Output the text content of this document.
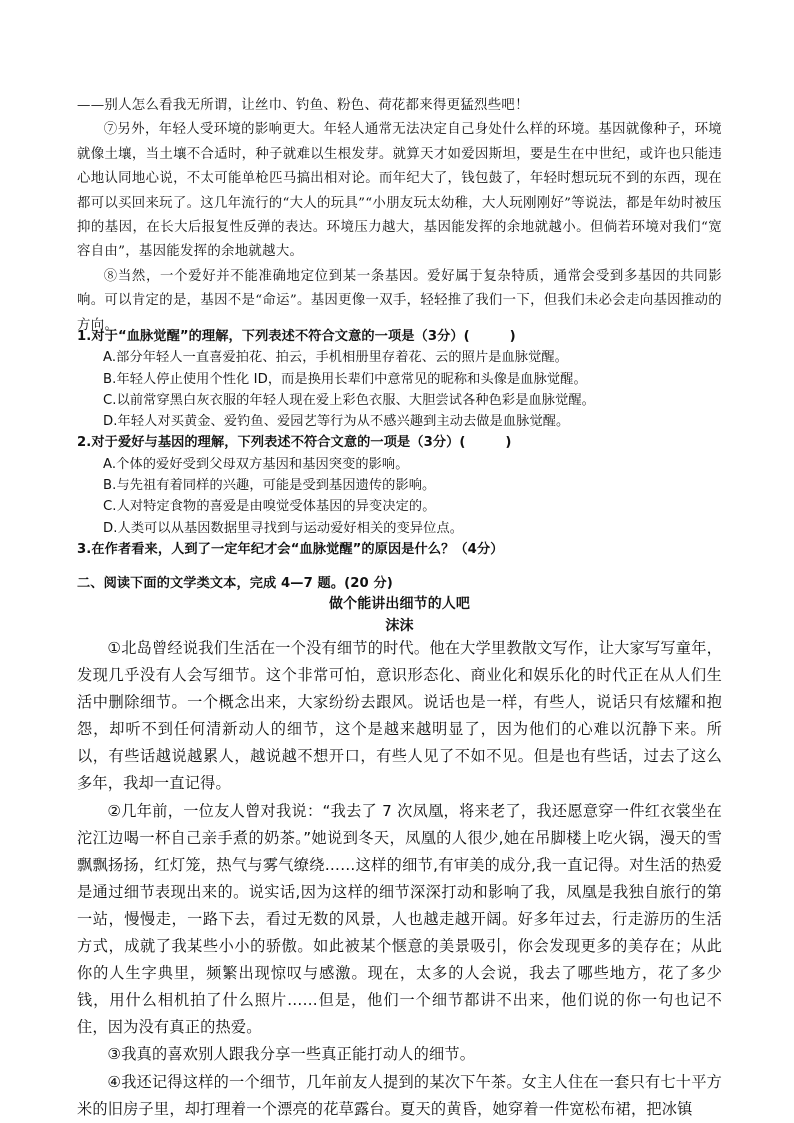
——别人怎么看我无所谓，让丝巾、钓鱼、粉色、荷花都来得更猛烈些吧！

⑦另外，年轻人受环境的影响更大。年轻人通常无法决定自己身处什么样的环境。基因就像种子，环境就像土壤，当土壤不合适时，种子就难以生根发芽。就算天才如爱因斯坦，要是生在中世纪，或许也只能违心地认同地心说，不太可能单枪匹马搞出相对论。而年纪大了，钱包鼓了，年轻时想玩玩不到的东西，现在都可以买回来玩了。这几年流行的“大人的玩具”“小朋友玩太幼稚，大人玩刚刚好”等说法，都是年幼时被压抑的基因，在长大后报复性反弹的表达。环境压力越大，基因能发挥的余地就越小。但倘若环境对我们“宽容自由”，基因能发挥的余地就越大。

⑧当然，一个爱好并不能准确地定位到某一条基因。爱好属于复杂特质，通常会受到多基因的共同影响。可以肯定的是，基因不是“命运”。基因更像一双手，轻轻推了我们一下，但我们未必会走向基因推动的方向。

1.对于“血脉觉醒”的理解，下列表述不符合文意的一项是（3分）(　　　)

A.部分年轻人一直喜爱拍花、拍云，手机相册里存着花、云的照片是血脉觉醒。

B.年轻人停止使用个性化 ID，而是换用长辈们中意常见的昵称和头像是血脉觉醒。

C.以前常穿黑白灰衣服的年轻人现在爱上彩色衣服、大胆尝试各种色彩是血脉觉醒。

D.年轻人对买黄金、爱钓鱼、爱园艺等行为从不感兴趣到主动去做是血脉觉醒。

2.对于爱好与基因的理解，下列表述不符合文意的一项是（3分）(　　　)

A.个体的爱好受到父母双方基因和基因突变的影响。

B.与先祖有着同样的兴趣，可能是受到基因遗传的影响。

C.人对特定食物的喜爱是由嗅觉受体基因的异变决定的。

D.人类可以从基因数据里寻找到与运动爱好相关的变异位点。

3.在作者看来，人到了一定年纪才会“血脉觉醒”的原因是什么？（4分）

二、阅读下面的文学类文本，完成 4—7 题。(20 分)

做个能讲出细节的人吧

沫沫

①北岛曾经说我们生活在一个没有细节的时代。他在大学里教散文写作，让大家写写童年，发现几乎没有人会写细节。这个非常可怕，意识形态化、商业化和娱乐化的时代正在从人们生活中删除细节。一个概念出来，大家纷纷去跟风。说话也是一样，有些人，说话只有炫耀和抱怨，却听不到任何清新动人的细节，这个是越来越明显了，因为他们的心难以沉静下来。所以，有些话越说越累人，越说越不想开口，有些人见了不如不见。但是也有些话，过去了这么多年，我却一直记得。

②几年前，一位友人曾对我说：“我去了 7 次凤凰，将来老了，我还愿意穿一件红衣裳坐在沱江边喝一杯自己亲手煮的奶茶。”她说到冬天，凤凰的人很少,她在吊脚楼上吃火锅，漫天的雪飘飘扬扬，红灯笼，热气与雾气缭绕……这样的细节,有审美的成分,我一直记得。对生活的热爱是通过细节表现出来的。说实话,因为这样的细节深深打动和影响了我，凤凰是我独自旅行的第一站，慢慢走，一路下去，看过无数的风景，人也越走越开阔。好多年过去，行走游历的生活方式，成就了我某些小小的骄傲。如此被某个惬意的美景吸引，你会发现更多的美存在；从此你的人生字典里，频繁出现惊叹与感激。现在，太多的人会说，我去了哪些地方，花了多少钱，用什么相机拍了什么照片……但是，他们一个细节都讲不出来，他们说的你一句也记不住，因为没有真正的热爱。

③我真的喜欢别人跟我分享一些真正能打动人的细节。

④我还记得这样的一个细节，几年前友人提到的某次下午茶。女主人住在一套只有七十平方米的旧房子里，却打理着一个漂亮的花草露台。夏天的黄昏，她穿着一件宽松布裙，把冰镇
